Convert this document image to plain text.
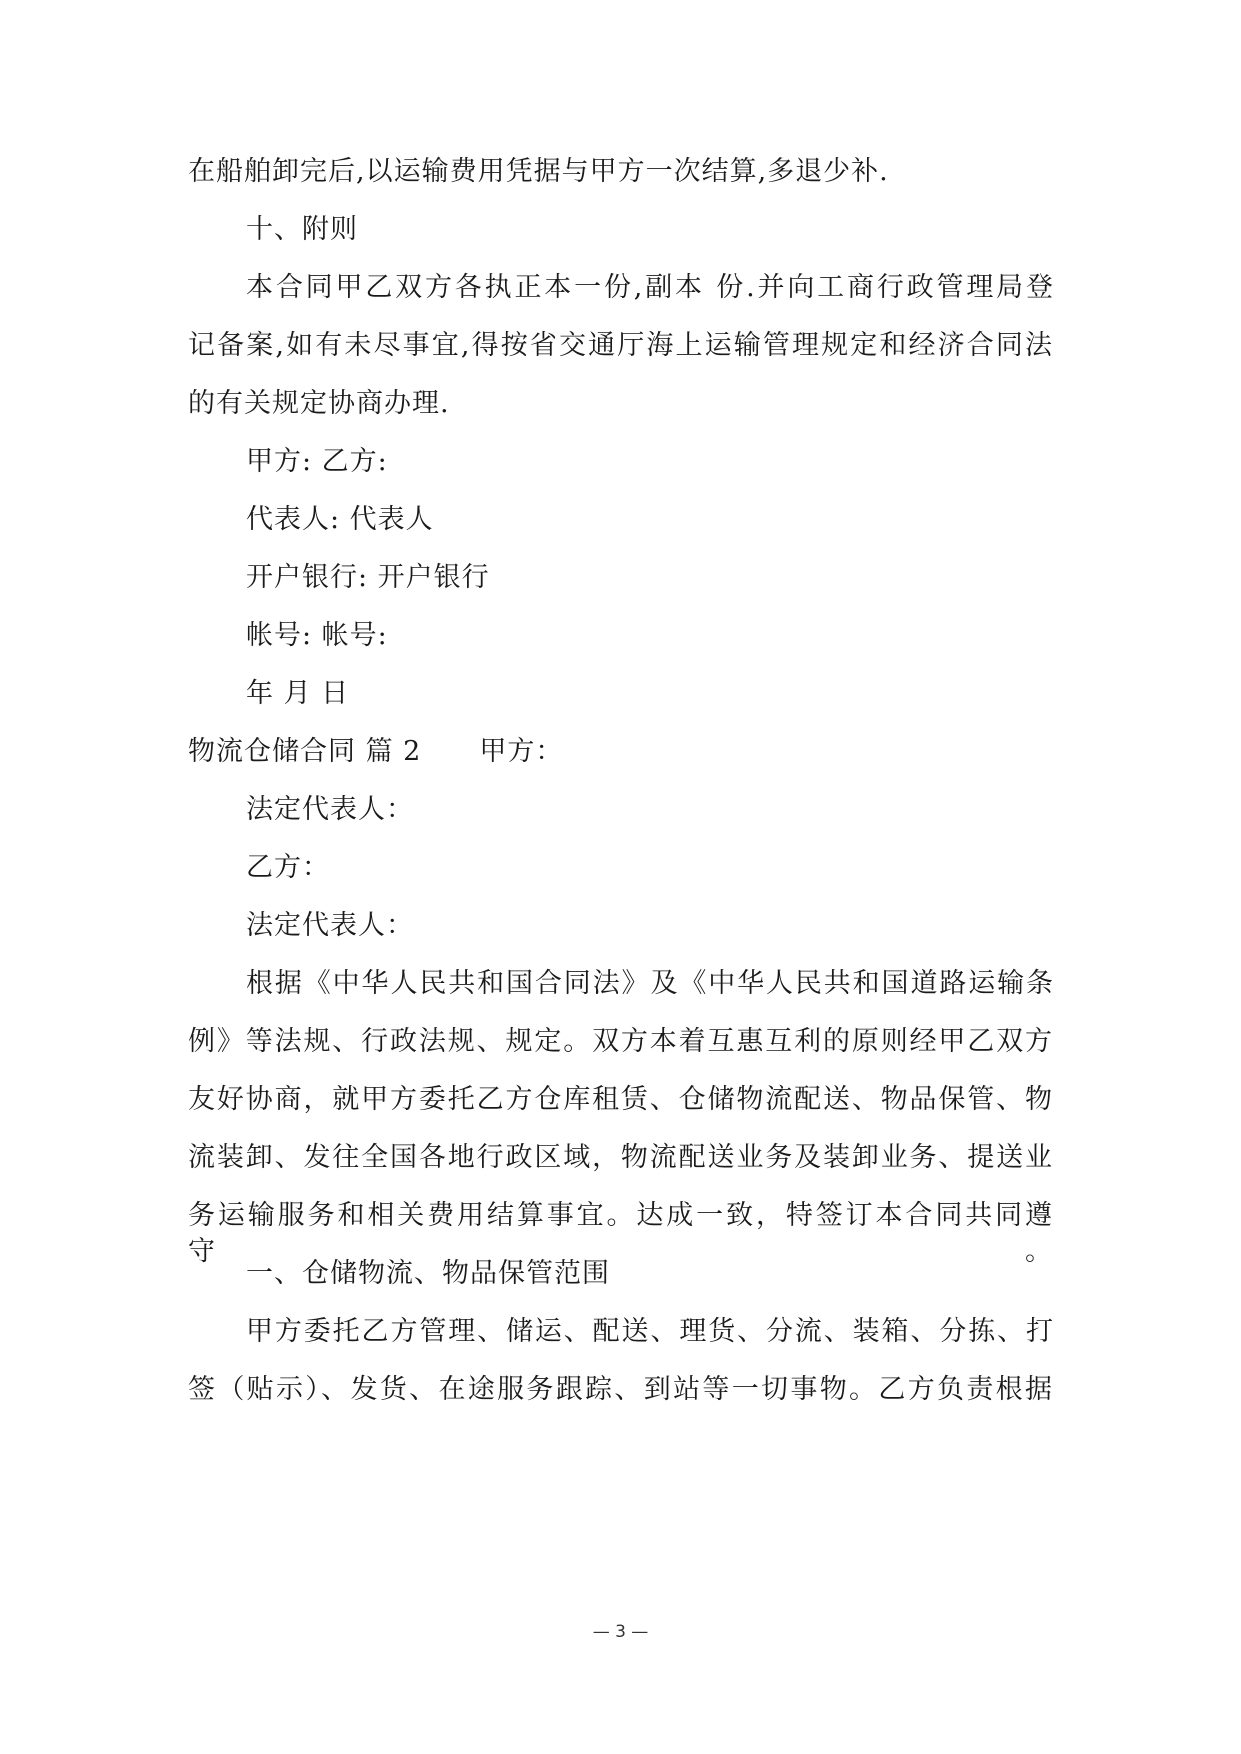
在船舶卸完后,以运输费用凭据与甲方一次结算,多退少补.
十、附则
本合同甲乙双方各执正本一份,副本 份.并向工商行政管理局登
记备案,如有未尽事宜,得按省交通厅海上运输管理规定和经济合同法
的有关规定协商办理.
甲方: 乙方:
代表人: 代表人
开户银行: 开户银行
帐号: 帐号:
年 月 日
物流仓储合同 篇 2 甲方：
法定代表人：
乙方：
法定代表人：
根据《中华人民共和国合同法》及《中华人民共和国道路运输条
例》等法规、行政法规、规定。双方本着互惠互利的原则经甲乙双方
友好协商，就甲方委托乙方仓库租赁、仓储物流配送、物品保管、物
流装卸、发往全国各地行政区域，物流配送业务及装卸业务、提送业
务运输服务和相关费用结算事宜。达成一致，特签订本合同共同遵守。
一、仓储物流、物品保管范围
甲方委托乙方管理、储运、配送、理货、分流、装箱、分拣、打
签（贴示）、发货、在途服务跟踪、到站等一切事物。乙方负责根据
— 3 —
